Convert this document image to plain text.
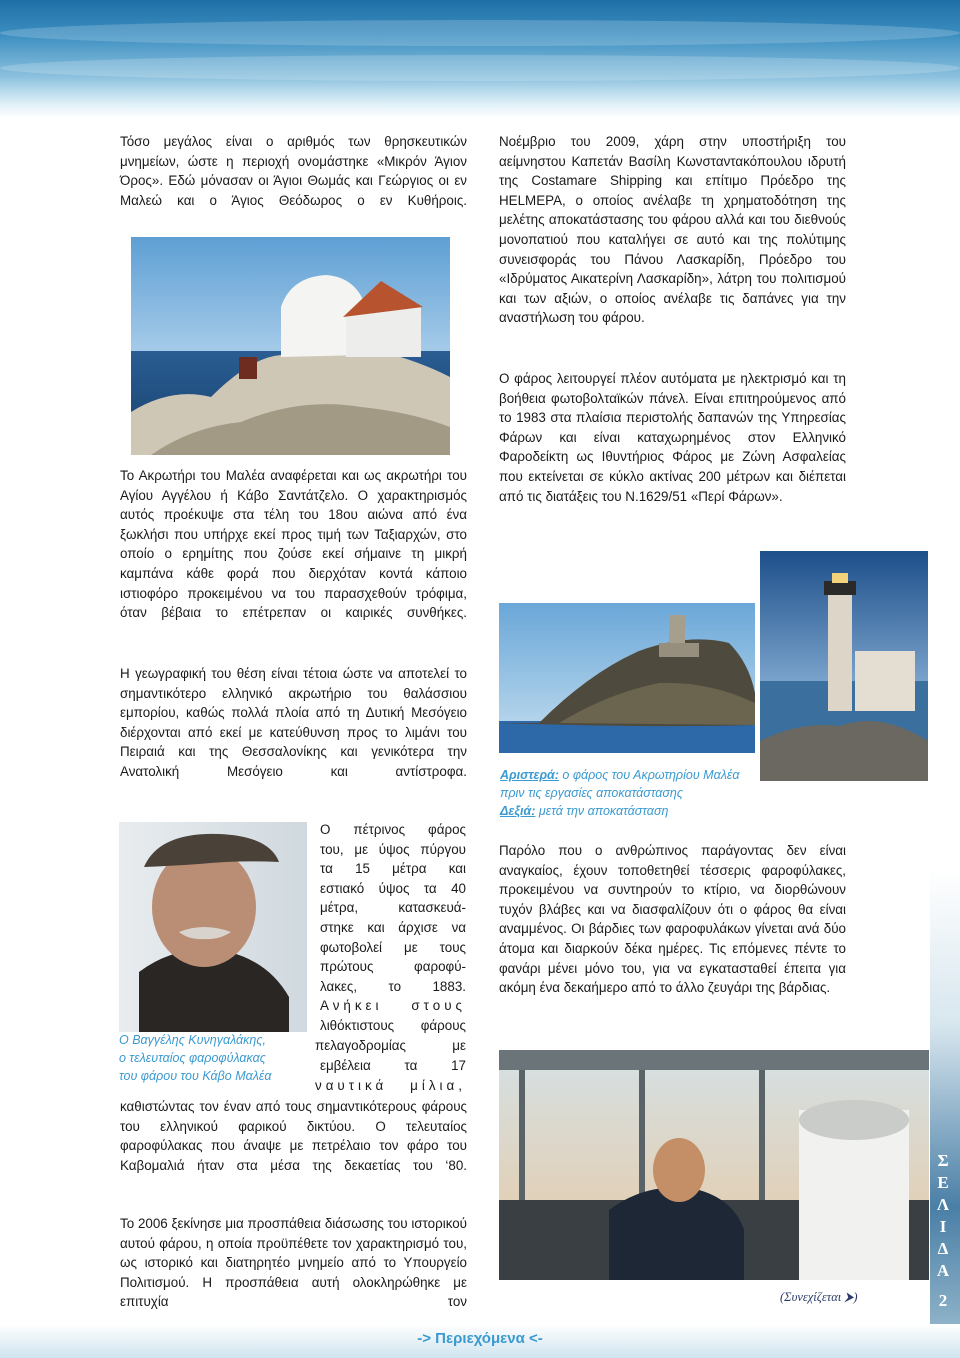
Τόσο μεγάλος είναι ο αριθμός των θρησκευτικών μνημείων, ώστε η περιοχή ονομάστηκε «Μικρόν Άγιον Όρος». Εδώ μόνασαν οι Άγιοι Θωμάς και Γεώργιος οι εν Μαλεώ και ο Άγιος Θεόδωρος ο εν Κυθήροις.

Το Ακρωτήρι του Μαλέα αναφέρεται και ως ακρωτήρι του Αγίου Αγγέλου ή Κάβο Σαντάτζελο. Ο χαρακτηρισμός αυτός προέκυψε στα τέλη του 18ου αιώνα από ένα ξωκλήσι που υπήρχε εκεί προς τιμή των Ταξιαρχών, στο οποίο ο ερημίτης που ζούσε εκεί σήμαινε τη μικρή καμπάνα κάθε φορά που διερχόταν κοντά κάποιο ιστιοφόρο προκειμένου να του παρασχεθούν τρόφιμα, όταν βέβαια το επέτρεπαν οι καιρικές συνθήκες.

Η γεωγραφική του θέση είναι τέτοια ώστε να αποτελεί το σημαντικότερο ελληνικό ακρωτήριο του θαλάσσιου εμπορίου, καθώς πολλά πλοία από τη Δυτική Μεσόγειο διέρχονται από εκεί με κατεύθυνση προς το λιμάνι του Πειραιά και της Θεσσαλονίκης και γενικότερα την Ανατολική Μεσόγειο και αντίστροφα.

Ο πέτρινος φάρος

του, με ύψος πύργου

τα 15 μέτρα και

εστιακό ύψος τα 40

μέτρα, κατασκευά-

στηκε και άρχισε να

φωτοβολεί με τους

πρώτους φαροφύ-

λακες, το 1883.

Ανήκει στους

λιθόκτιστους φάρους

πελαγοδρομίας με

εμβέλεια τα 17

ναυτικά μίλια,

Ο Βαγγέλης Κυνηγαλάκης,

ο τελευταίος φαροφύλακας

του φάρου του Κάβο Μαλέα

καθιστώντας τον έναν από τους σημαντικότερους φάρους του ελληνικού φαρικού δικτύου. Ο τελευταίος φαροφύλακας που άναψε με πετρέλαιο τον φάρο του Καβομαλιά ήταν στα μέσα της δεκαετίας του ‘80.

Το 2006 ξεκίνησε μια προσπάθεια διάσωσης του ιστορικού αυτού φάρου, η οποία προϋπέθετε τον χαρακτηρισμό του, ως ιστορικό και διατηρητέο μνημείο από το Υπουργείο Πολιτισμού. Η προσπάθεια αυτή ολοκληρώθηκε με επιτυχία τον

Νοέμβριο του 2009, χάρη στην υποστήριξη του αείμνηστου Καπετάν Βασίλη Κωνσταντακόπουλου ιδρυτή της Costamare Shipping και επίτιμο Πρόεδρο της HELMEPA, ο οποίος ανέλαβε τη χρηματοδότηση της μελέτης αποκατάστασης του φάρου αλλά και του διεθνούς μονοπατιού που καταλήγει σε αυτό και της πολύτιμης συνεισφοράς του Πάνου Λασκαρίδη, Πρόεδρο του «Ιδρύματος Αικατερίνη Λασκαρίδη», λάτρη του πολιτισμού και των αξιών, ο οποίος ανέλαβε τις δαπάνες για την αναστήλωση του φάρου.

Ο φάρος λειτουργεί πλέον αυτόματα με ηλεκτρισμό και τη βοήθεια φωτοβολταϊκών πάνελ. Είναι επιτηρούμενος από το 1983 στα πλαίσια περιστολής δαπανών της Υπηρεσίας Φάρων και είναι καταχωρημένος στον Ελληνικό Φαροδείκτη ως Ιθυντήριος Φάρος με Ζώνη Ασφαλείας που εκτείνεται σε κύκλο ακτίνας 200 μέτρων και διέπεται από τις διατάξεις του Ν.1629/51 «Περί Φάρων».

Αριστερά: ο φάρος του Ακρωτηρίου Μαλέα

πριν τις εργασίες αποκατάστασης

Δεξιά: μετά την αποκατάσταση

Παρόλο που ο ανθρώπινος παράγοντας δεν είναι αναγκαίος, έχουν τοποθετηθεί τέσσερις φαροφύλακες, προκειμένου να συντηρούν το κτίριο, να διορθώνουν τυχόν βλάβες και να διασφαλίζουν ότι ο φάρος θα είναι αναμμένος. Οι βάρδιες των φαροφυλάκων γίνεται ανά δύο άτομα και διαρκούν δέκα ημέρες. Τις επόμενες πέντε το φανάρι μένει μόνο του, για να εγκατασταθεί έπειτα για ακόμη ένα δεκαήμερο από το άλλο ζευγάρι της βάρδιας.

Σ
Ε
Λ
Ι
Δ
Α
2
(Συνεχίζεται ⮞)
-> Περιεχόμενα <-
